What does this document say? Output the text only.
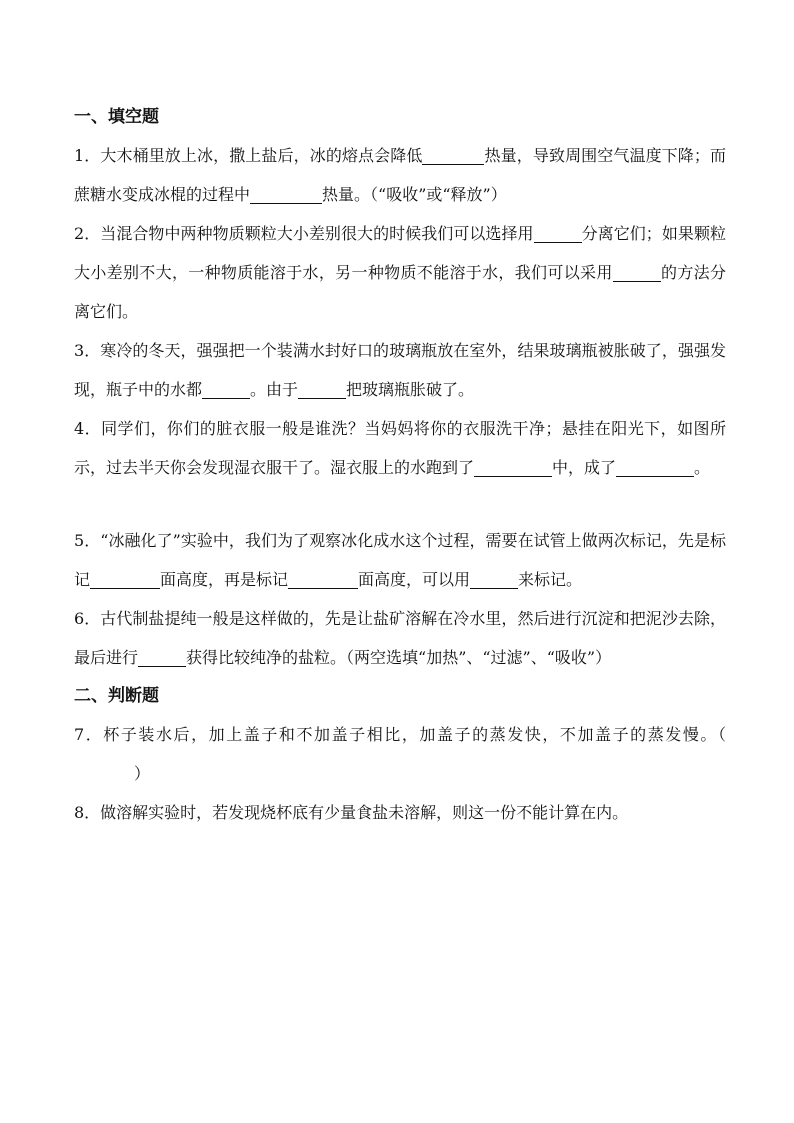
一、填空题

1．大木桶里放上冰，撒上盐后，冰的熔点会降低	热量，导致周围空气温度下降；而蔗糖水变成冰棍的过程中	热量。（“吸收”或“释放”）

2．当混合物中两种物质颗粒大小差别很大的时候我们可以选择用	分离它们；如果颗粒大小差别不大，一种物质能溶于水，另一种物质不能溶于水，我们可以采用	的方法分离它们。

3．寒冷的冬天，强强把一个装满水封好口的玻璃瓶放在室外，结果玻璃瓶被胀破了，强强发现，瓶子中的水都	。由于	把玻璃瓶胀破了。

4．同学们，你们的脏衣服一般是谁洗？当妈妈将你的衣服洗干净；悬挂在阳光下，如图所示，过去半天你会发现湿衣服干了。湿衣服上的水跑到了	中，成了	。

5．“冰融化了”实验中，我们为了观察冰化成水这个过程，需要在试管上做两次标记，先是标记	面高度，再是标记	面高度，可以用	来标记。

6．古代制盐提纯一般是这样做的，先是让盐矿溶解在冷水里，然后进行沉淀和把泥沙去除，最后进行	获得比较纯净的盐粒。（两空选填“加热”、“过滤”、“吸收”）

二、判断题

7．杯子装水后，加上盖子和不加盖子相比，加盖子的蒸发快，不加盖子的蒸发慢。（）

8．做溶解实验时，若发现烧杯底有少量食盐未溶解，则这一份不能计算在内。
